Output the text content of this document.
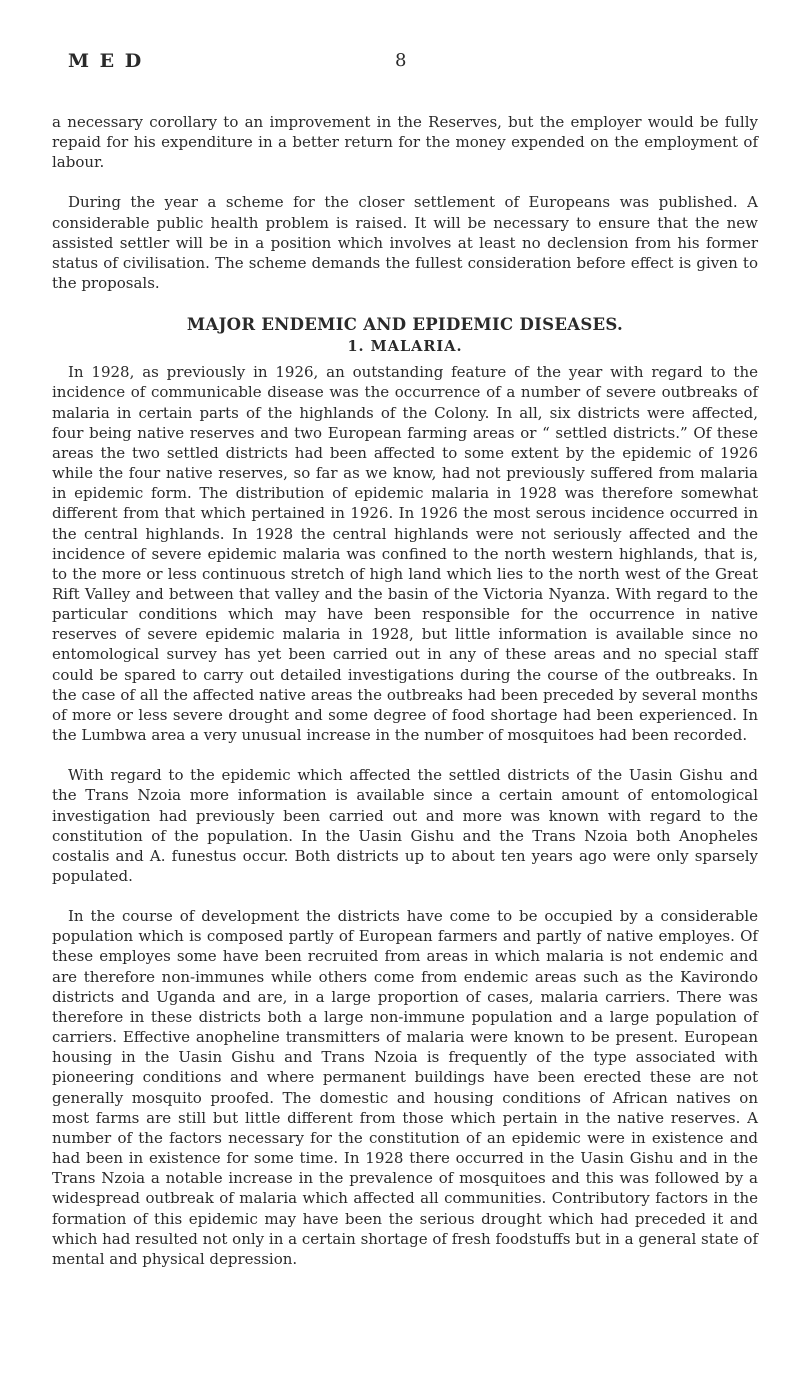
M E D	8

a necessary corollary to an improvement in the Reserves, but the employer would be fully repaid for his expenditure in a better return for the money expended on the employment of labour.

During the year a scheme for the closer settlement of Europeans was published. A considerable public health problem is raised. It will be necessary to ensure that the new assisted settler will be in a position which involves at least no declension from his former status of civilisation. The scheme demands the fullest consideration before effect is given to the proposals.

MAJOR ENDEMIC AND EPIDEMIC DISEASES.
1. MALARIA.

In 1928, as previously in 1926, an outstanding feature of the year with regard to the incidence of communicable disease was the occurrence of a number of severe outbreaks of malaria in certain parts of the highlands of the Colony. In all, six districts were affected, four being native reserves and two European farming areas or “ settled districts.” Of these areas the two settled districts had been affected to some extent by the epidemic of 1926 while the four native reserves, so far as we know, had not previously suffered from malaria in epidemic form. The distribution of epidemic malaria in 1928 was therefore somewhat different from that which pertained in 1926. In 1926 the most serous incidence occurred in the central highlands. In 1928 the central highlands were not seriously affected and the incidence of severe epidemic malaria was confined to the north western highlands, that is, to the more or less continuous stretch of high land which lies to the north west of the Great Rift Valley and between that valley and the basin of the Victoria Nyanza. With regard to the particular conditions which may have been responsible for the occurrence in native reserves of severe epidemic malaria in 1928, but little information is available since no entomological survey has yet been carried out in any of these areas and no special staff could be spared to carry out detailed investigations during the course of the outbreaks. In the case of all the affected native areas the outbreaks had been preceded by several months of more or less severe drought and some degree of food shortage had been experienced. In the Lumbwa area a very unusual increase in the number of mosquitoes had been recorded.

With regard to the epidemic which affected the settled districts of the Uasin Gishu and the Trans Nzoia more information is available since a certain amount of entomological investigation had previously been carried out and more was known with regard to the constitution of the population. In the Uasin Gishu and the Trans Nzoia both Anopheles costalis and A. funestus occur. Both districts up to about ten years ago were only sparsely populated.

In the course of development the districts have come to be occupied by a considerable population which is composed partly of European farmers and partly of native employes. Of these employes some have been recruited from areas in which malaria is not endemic and are therefore non-immunes while others come from endemic areas such as the Kavirondo districts and Uganda and are, in a large proportion of cases, malaria carriers. There was therefore in these districts both a large non-immune population and a large population of carriers. Effective anopheline transmitters of malaria were known to be present. European housing in the Uasin Gishu and Trans Nzoia is frequently of the type associated with pioneering conditions and where permanent buildings have been erected these are not generally mosquito proofed. The domestic and housing conditions of African natives on most farms are still but little different from those which pertain in the native reserves. A number of the factors necessary for the constitution of an epidemic were in existence and had been in existence for some time. In 1928 there occurred in the Uasin Gishu and in the Trans Nzoia a notable increase in the prevalence of mosquitoes and this was followed by a widespread outbreak of malaria which affected all communities. Contributory factors in the formation of this epidemic may have been the serious drought which had preceded it and which had resulted not only in a certain shortage of fresh foodstuffs but in a general state of mental and physical depression.
